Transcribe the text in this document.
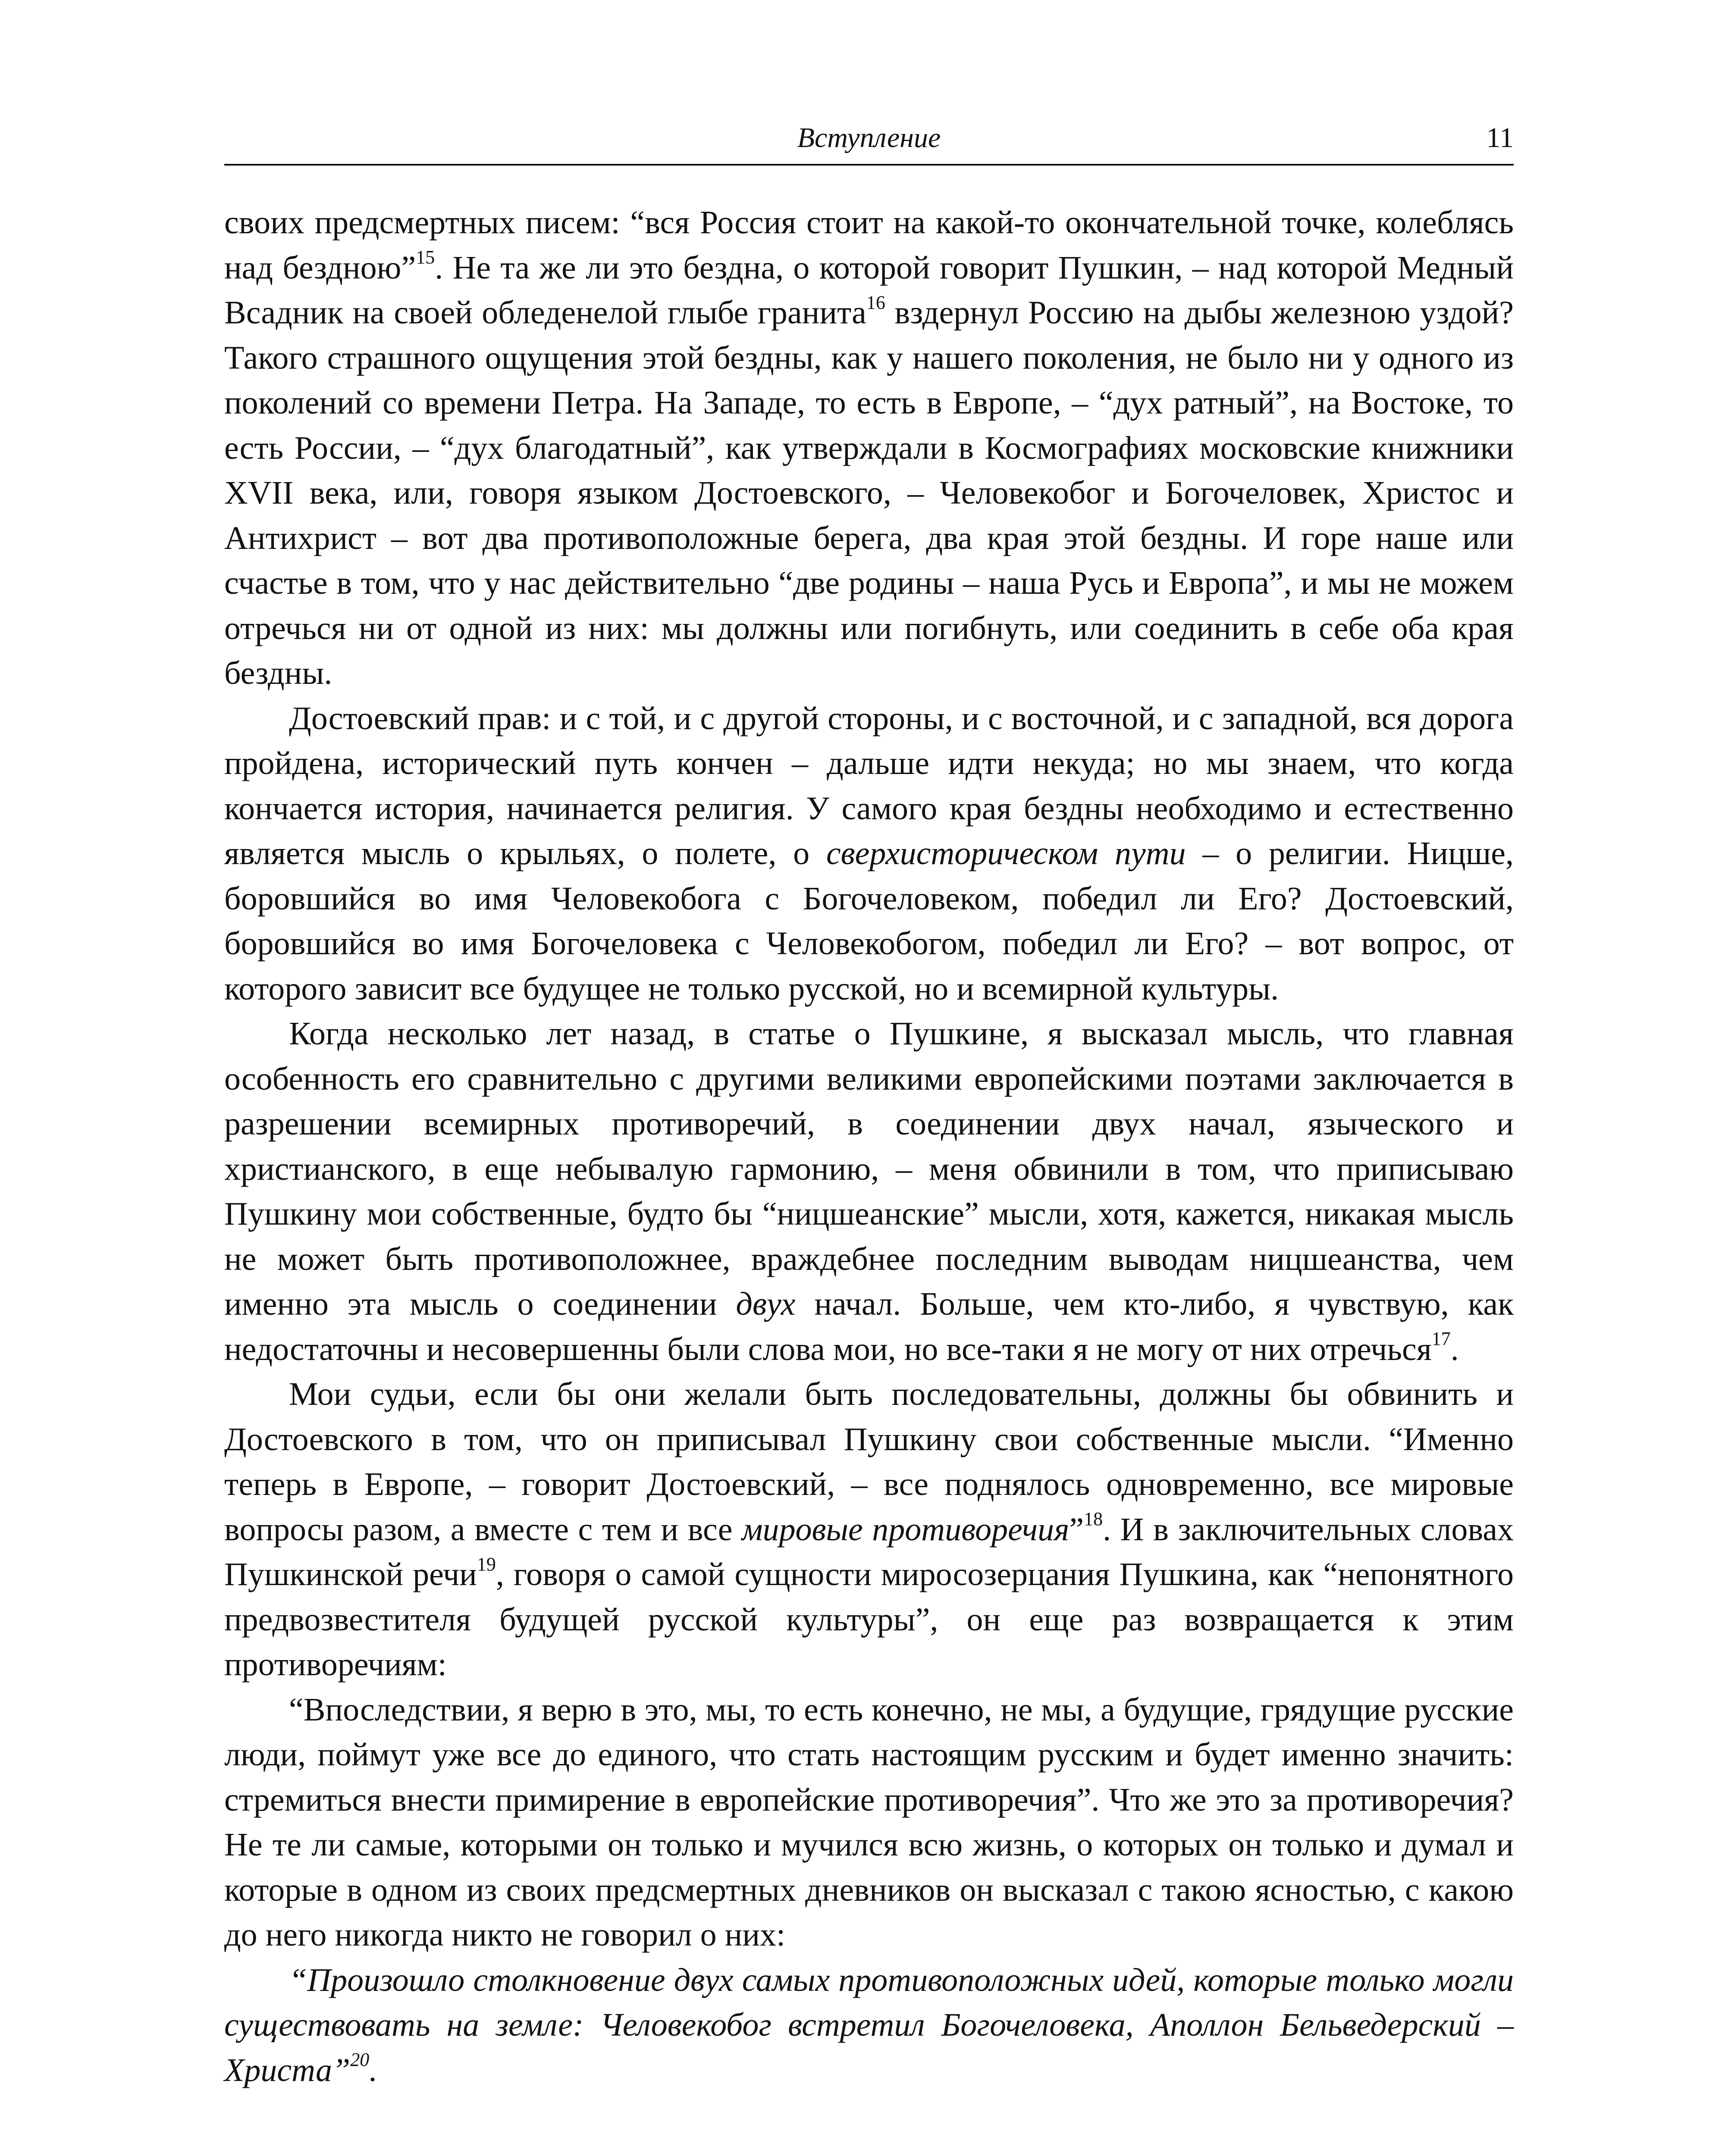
Вступление	11

своих предсмертных писем: “вся Россия стоит на какой-то окончательной точке, колеблясь над бездною”$^{15}$. Не та же ли это бездна, о которой говорит Пушкин, – над которой Медный Всадник на своей обледенелой глыбе гранита$^{16}$ вздернул Россию на дыбы железною уздой? Такого страшного ощущения этой бездны, как у нашего поколения, не было ни у одного из поколений со времени Петра. На Западе, то есть в Европе, – “дух ратный”, на Востоке, то есть России, – “дух благодатный”, как утверждали в Космографиях московские книжники XVII века, или, говоря языком Достоевского, – Человекобог и Богочеловек, Христос и Антихрист – вот два противоположные берега, два края этой бездны. И горе наше или счастье в том, что у нас действительно “две родины – наша Русь и Европа”, и мы не можем отречься ни от одной из них: мы должны или погибнуть, или соединить в себе оба края бездны.

Достоевский прав: и с той, и с другой стороны, и с восточной, и с западной, вся дорога пройдена, исторический путь кончен – дальше идти некуда; но мы знаем, что когда кончается история, начинается религия. У самого края бездны необходимо и естественно является мысль о крыльях, о полете, о сверхисторическом пути – о религии. Ницше, боровшийся во имя Человекобога с Богочеловеком, победил ли Его? Достоевский, боровшийся во имя Богочеловека с Человекобогом, победил ли Его? – вот вопрос, от которого зависит все будущее не только русской, но и всемирной культуры.

Когда несколько лет назад, в статье о Пушкине, я высказал мысль, что главная особенность его сравнительно с другими великими европейскими поэтами заключается в разрешении всемирных противоречий, в соединении двух начал, языческого и христианского, в еще небывалую гармонию, – меня обвинили в том, что приписываю Пушкину мои собственные, будто бы “ницшеанские” мысли, хотя, кажется, никакая мысль не может быть противоположнее, враждебнее последним выводам ницшеанства, чем именно эта мысль о соединении двух начал. Больше, чем кто-либо, я чувствую, как недостаточны и несовершенны были слова мои, но все-таки я не могу от них отречься$^{17}$.

Мои судьи, если бы они желали быть последовательны, должны бы обвинить и Достоевского в том, что он приписывал Пушкину свои собственные мысли. “Именно теперь в Европе, – говорит Достоевский, – все поднялось одновременно, все мировые вопросы разом, а вместе с тем и все мировые противоречия”$^{18}$. И в заключительных словах Пушкинской речи$^{19}$, говоря о самой сущности миросозерцания Пушкина, как “непонятного предвозвестителя будущей русской культуры”, он еще раз возвращается к этим противоречиям:

“Впоследствии, я верю в это, мы, то есть конечно, не мы, а будущие, грядущие русские люди, поймут уже все до единого, что стать настоящим русским и будет именно значить: стремиться внести примирение в европейские противоречия”. Что же это за противоречия? Не те ли самые, которыми он только и мучился всю жизнь, о которых он только и думал и которые в одном из своих предсмертных дневников он высказал с такою ясностью, с какою до него никогда никто не говорил о них:

“Произошло столкновение двух самых противоположных идей, которые только могли существовать на земле: Человекобог встретил Богочеловека, Аполлон Бельведерский – Христа”$^{20}$.
